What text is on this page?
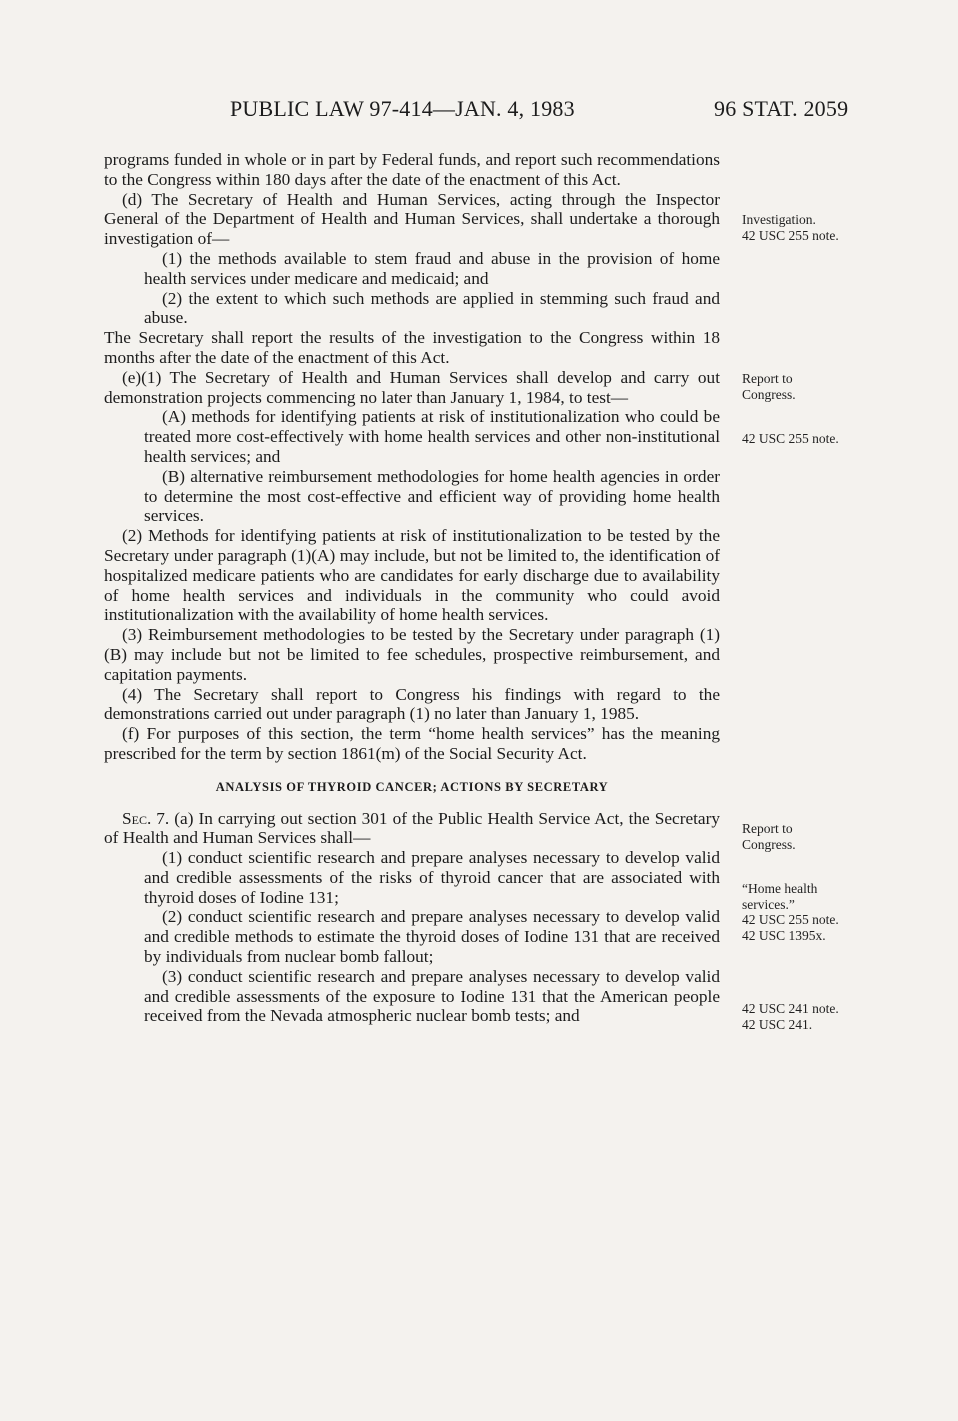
PUBLIC LAW 97-414—JAN. 4, 1983	96 STAT. 2059

programs funded in whole or in part by Federal funds, and report such recommendations to the Congress within 180 days after the date of the enactment of this Act.

(d) The Secretary of Health and Human Services, acting through the Inspector General of the Department of Health and Human Services, shall undertake a thorough investigation of—

(1) the methods available to stem fraud and abuse in the provision of home health services under medicare and medicaid; and

(2) the extent to which such methods are applied in stemming such fraud and abuse.

The Secretary shall report the results of the investigation to the Congress within 18 months after the date of the enactment of this Act.

(e)(1) The Secretary of Health and Human Services shall develop and carry out demonstration projects commencing no later than January 1, 1984, to test—

(A) methods for identifying patients at risk of institutionalization who could be treated more cost-effectively with home health services and other non-institutional health services; and

(B) alternative reimbursement methodologies for home health agencies in order to determine the most cost-effective and efficient way of providing home health services.

(2) Methods for identifying patients at risk of institutionalization to be tested by the Secretary under paragraph (1)(A) may include, but not be limited to, the identification of hospitalized medicare patients who are candidates for early discharge due to availability of home health services and individuals in the community who could avoid institutionalization with the availability of home health services.

(3) Reimbursement methodologies to be tested by the Secretary under paragraph (1)(B) may include but not be limited to fee schedules, prospective reimbursement, and capitation payments.

(4) The Secretary shall report to Congress his findings with regard to the demonstrations carried out under paragraph (1) no later than January 1, 1985.

(f) For purposes of this section, the term “home health services” has the meaning prescribed for the term by section 1861(m) of the Social Security Act.

ANALYSIS OF THYROID CANCER; ACTIONS BY SECRETARY

Sec. 7. (a) In carrying out section 301 of the Public Health Service Act, the Secretary of Health and Human Services shall—

(1) conduct scientific research and prepare analyses necessary to develop valid and credible assessments of the risks of thyroid cancer that are associated with thyroid doses of Iodine 131;

(2) conduct scientific research and prepare analyses necessary to develop valid and credible methods to estimate the thyroid doses of Iodine 131 that are received by individuals from nuclear bomb fallout;

(3) conduct scientific research and prepare analyses necessary to develop valid and credible assessments of the exposure to Iodine 131 that the American people received from the Nevada atmospheric nuclear bomb tests; and

Investigation.
42 USC 255 note.
Report to
Congress.
42 USC 255 note.
Report to
Congress.
“Home health
services.”
42 USC 255 note.
42 USC 1395x.
42 USC 241 note.
42 USC 241.
